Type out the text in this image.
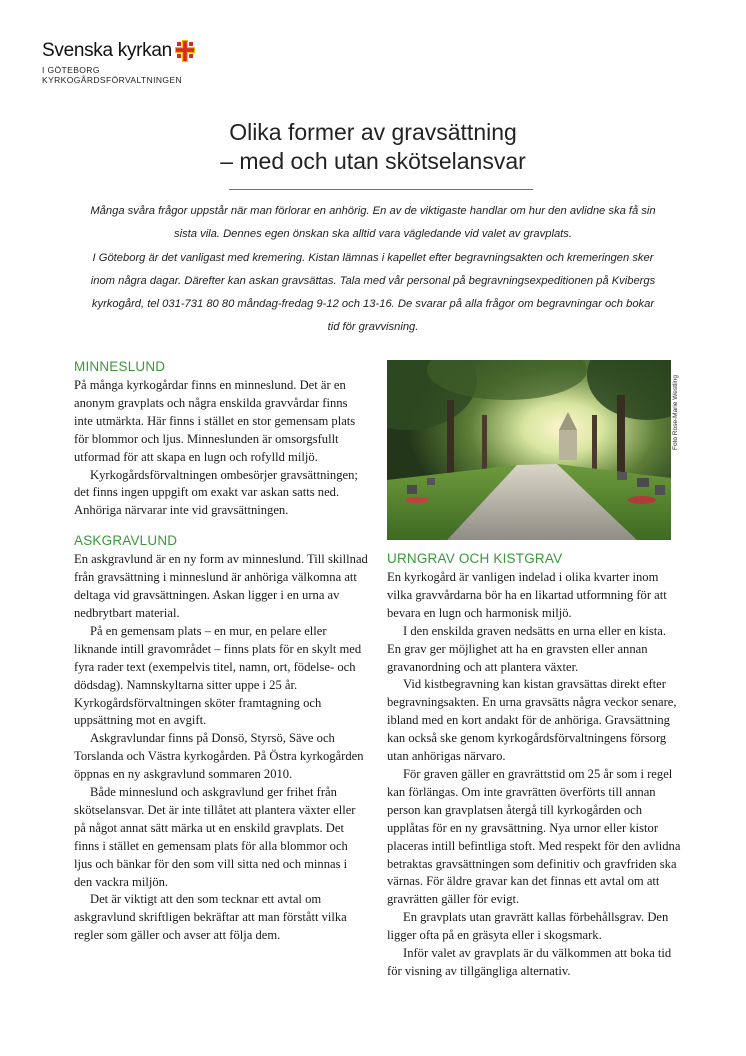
Svenska kyrkan
I GÖTEBORG
KYRKOGÅRDSFÖRVALTNINGEN
Olika former av gravsättning
– med och utan skötselansvar

Många svåra frågor uppstår när man förlorar en anhörig. En av de viktigaste handlar om hur den avlidne ska få sin sista vila. Dennes egen önskan ska alltid vara vägledande vid valet av gravplats.

I Göteborg är det vanligast med kremering. Kistan lämnas i kapellet efter begravningsakten och kremeringen sker inom några dagar. Därefter kan askan gravsättas. Tala med vår personal på begravningsexpeditionen på Kvibergs kyrkogård, tel 031-731 80 80 måndag-fredag 9-12 och 13-16. De svarar på alla frågor om begravningar och bokar tid för gravvisning.

MINNESLUND

På många kyrkogårdar finns en minneslund. Det är en anonym gravplats och några enskilda gravvårdar finns inte utmärkta. Här finns i stället en stor gemensam plats för blommor och ljus. Minneslunden är omsorgsfullt utformad för att skapa en lugn och rofylld miljö.

Kyrkogårdsförvaltningen ombesörjer gravsättningen; det finns ingen uppgift om exakt var askan satts ned. Anhöriga närvarar inte vid gravsättningen.

ASKGRAVLUND

En askgravlund är en ny form av minneslund. Till skillnad från gravsättning i minneslund är anhöriga välkomna att deltaga vid gravsättningen. Askan ligger i en urna av nedbrytbart material.

På en gemensam plats – en mur, en pelare eller liknande intill gravområdet – finns plats för en skylt med fyra rader text (exempelvis titel, namn, ort, födelse- och dödsdag). Namnskyltarna sitter uppe i 25 år. Kyrkogårdsförvaltningen sköter framtagning och uppsättning mot en avgift.

Askgravlundar finns på Donsö, Styrsö, Säve och Torslanda och Västra kyrkogården. På Östra kyrkogården öppnas en ny askgravlund sommaren 2010.

Både minneslund och askgravlund ger frihet från skötselansvar. Det är inte tillåtet att plantera växter eller på något annat sätt märka ut en enskild gravplats. Det finns i stället en gemensam plats för alla blommor och ljus och bänkar för den som vill sitta ned och minnas i den vackra miljön.

Det är viktigt att den som tecknar ett avtal om askgravlund skriftligen bekräftar att man förstått vilka regler som gäller och avser att följa dem.

Foto Rose-Marie Westling
URNGRAV OCH KISTGRAV

En kyrkogård är vanligen indelad i olika kvarter inom vilka gravvårdarna bör ha en likartad utformning för att bevara en lugn och harmonisk miljö.

I den enskilda graven nedsätts en urna eller en kista. En grav ger möjlighet att ha en gravsten eller annan gravanordning och att plantera växter.

Vid kistbegravning kan kistan gravsättas direkt efter begravningsakten. En urna gravsätts några veckor senare, ibland med en kort andakt för de anhöriga. Gravsättning kan också ske genom kyrkogårdsförvaltningens försorg utan anhörigas närvaro.

För graven gäller en gravrättstid om 25 år som i regel kan förlängas. Om inte gravrätten överförts till annan person kan gravplatsen återgå till kyrkogården och upplåtas för en ny gravsättning. Nya urnor eller kistor placeras intill befintliga stoft. Med respekt för den avlidna betraktas gravsättningen som definitiv och gravfriden ska värnas. För äldre gravar kan det finnas ett avtal om att gravrätten gäller för evigt.

En gravplats utan gravrätt kallas förbehållsgrav. Den ligger ofta på en gräsyta eller i skogsmark.

Inför valet av gravplats är du välkommen att boka tid för visning av tillgängliga alternativ.
